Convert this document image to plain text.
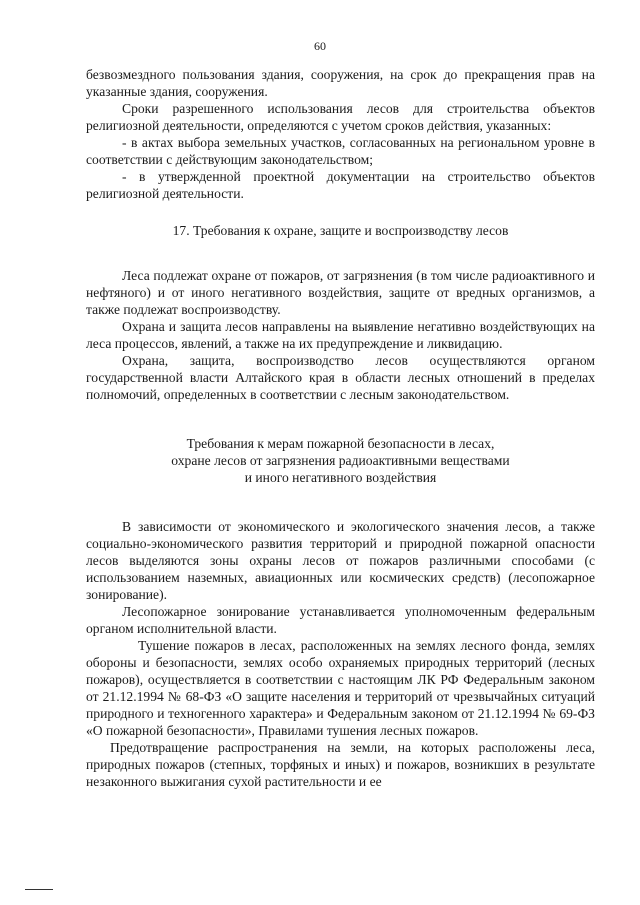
60

безвозмездного пользования здания, сооружения, на срок до прекращения прав на указанные здания, сооружения.

Сроки разрешенного использования лесов для строительства объектов религиозной деятельности, определяются с учетом сроков действия, указанных:

- в актах выбора земельных участков, согласованных на региональном уровне в соответствии с действующим законодательством;

- в утвержденной проектной документации на строительство объектов религиозной деятельности.

17. Требования к охране, защите и воспроизводству лесов

Леса подлежат охране от пожаров, от загрязнения (в том числе радиоактивного и нефтяного) и от иного негативного воздействия, защите от вредных организмов, а также подлежат воспроизводству.

Охрана и защита лесов направлены на выявление негативно воздействующих на леса процессов, явлений, а также на их предупреждение и ликвидацию.

Охрана, защита, воспроизводство лесов осуществляются органом государственной власти Алтайского края в области лесных отношений в пределах полномочий, определенных в соответствии с лесным законодательством.

Требования к мерам пожарной безопасности в лесах,
охране лесов от загрязнения радиоактивными веществами
и иного негативного воздействия

В зависимости от экономического и экологического значения лесов, а также социально-экономического развития территорий и природной пожарной опасности лесов выделяются зоны охраны лесов от пожаров различными способами (с использованием наземных, авиационных или космических средств) (лесопожарное зонирование).

Лесопожарное зонирование устанавливается уполномоченным федеральным органом исполнительной власти.

Тушение пожаров в лесах, расположенных на землях лесного фонда, землях обороны и безопасности, землях особо охраняемых природных территорий (лесных пожаров), осуществляется в соответствии с настоящим ЛК РФ Федеральным законом от 21.12.1994 № 68-ФЗ «О защите населения и территорий от чрезвычайных ситуаций природного и техногенного характера» и Федеральным законом от 21.12.1994 № 69-ФЗ «О пожарной безопасности», Правилами тушения лесных пожаров.

Предотвращение распространения на земли, на которых расположены леса, природных пожаров (степных, торфяных и иных) и пожаров, возникших в результате незаконного выжигания сухой растительности и ее
